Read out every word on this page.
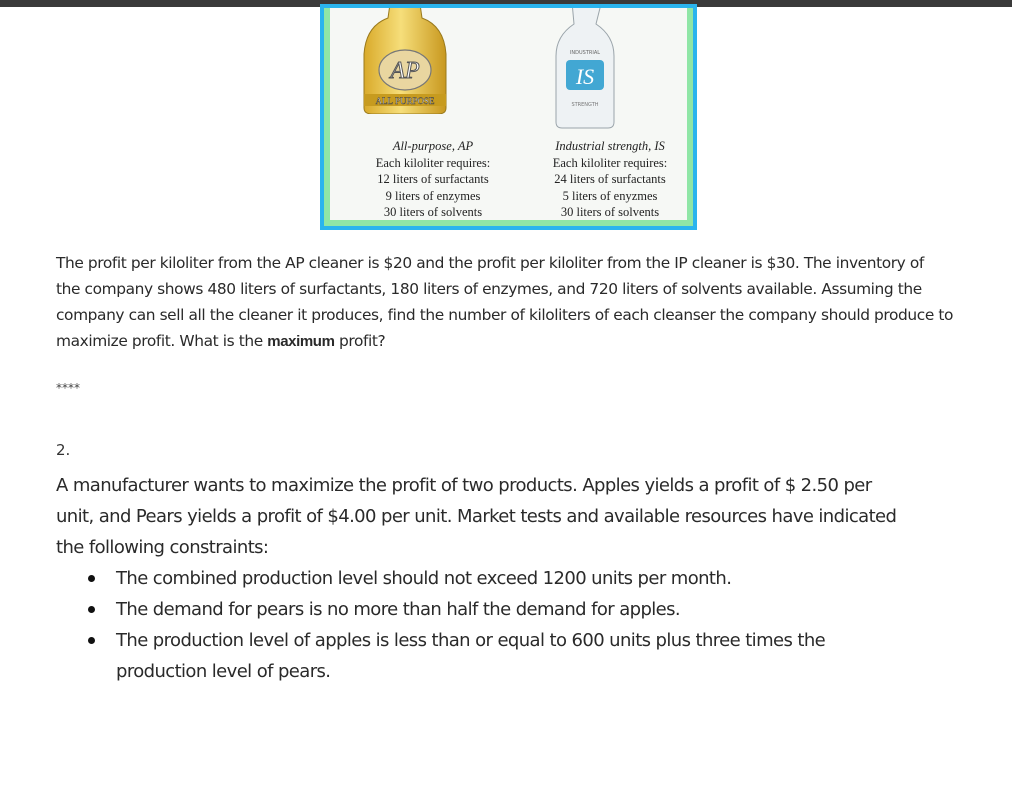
AP
ALL PURPOSE
INDUSTRIAL
IS
STRENGTH
All-purpose, AP
Each kiloliter requires:
12 liters of surfactants
9 liters of enzymes
30 liters of solvents
Industrial strength, IS
Each kiloliter requires:
24 liters of surfactants
5 liters of enyzmes
30 liters of solvents
The profit per kiloliter from the AP cleaner is $20 and the profit per kiloliter from the IP cleaner is $30. The inventory of
the company shows 480 liters of surfactants, 180 liters of enzymes, and 720 liters of solvents available. Assuming the
company can sell all the cleaner it produces, find the number of kiloliters of each cleanser the company should produce to
maximize profit. What is the maximum profit?
****
2.
A manufacturer wants to maximize the profit of two products. Apples yields a profit of $ 2.50 per
unit, and Pears yields a profit of $4.00 per unit. Market tests and available resources have indicated
the following constraints:
The combined production level should not exceed 1200 units per month.
The demand for pears is no more than half the demand for apples.
The production level of apples is less than or equal to 600 units plus three times the
production level of pears.
